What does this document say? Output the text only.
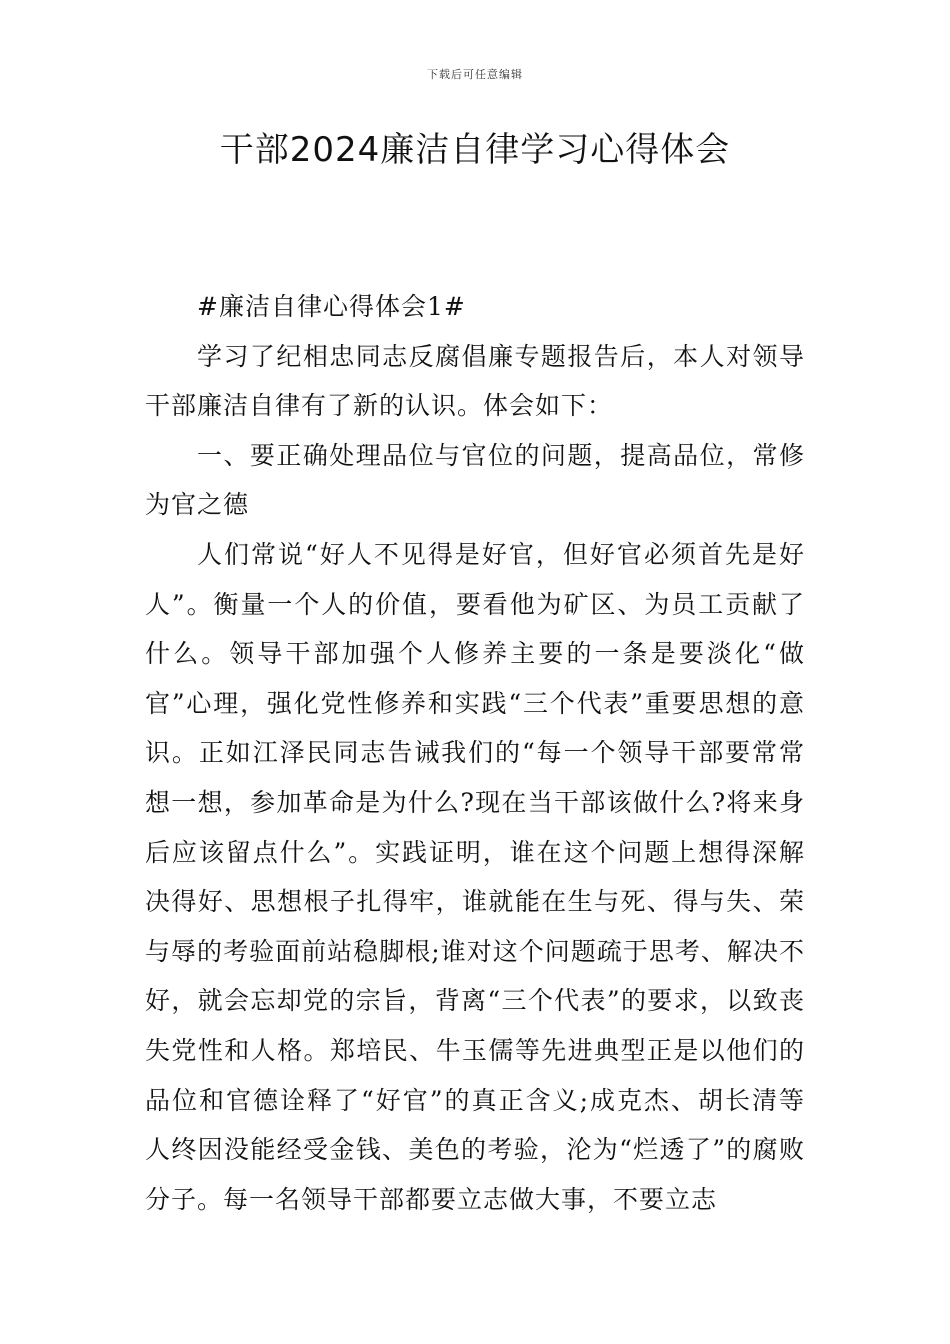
下载后可任意编辑
干部2024廉洁自律学习心得体会

#廉洁自律心得体会1#

学习了纪相忠同志反腐倡廉专题报告后，本人对领导干部廉洁自律有了新的认识。体会如下：

一、要正确处理品位与官位的问题，提高品位，常修为官之德

人们常说“好人不见得是好官，但好官必须首先是好人”。衡量一个人的价值，要看他为矿区、为员工贡献了什么。领导干部加强个人修养主要的一条是要淡化“做官”心理，强化党性修养和实践“三个代表”重要思想的意识。正如江泽民同志告诫我们的“每一个领导干部要常常想一想，参加革命是为什么?现在当干部该做什么?将来身后应该留点什么”。实践证明，谁在这个问题上想得深解决得好、思想根子扎得牢，谁就能在生与死、得与失、荣与辱的考验面前站稳脚根;谁对这个问题疏于思考、解决不好，就会忘却党的宗旨，背离“三个代表”的要求，以致丧失党性和人格。郑培民、牛玉儒等先进典型正是以他们的品位和官德诠释了“好官”的真正含义;成克杰、胡长清等人终因没能经受金钱、美色的考验，沦为“烂透了”的腐败分子。每一名领导干部都要立志做大事，不要立志
